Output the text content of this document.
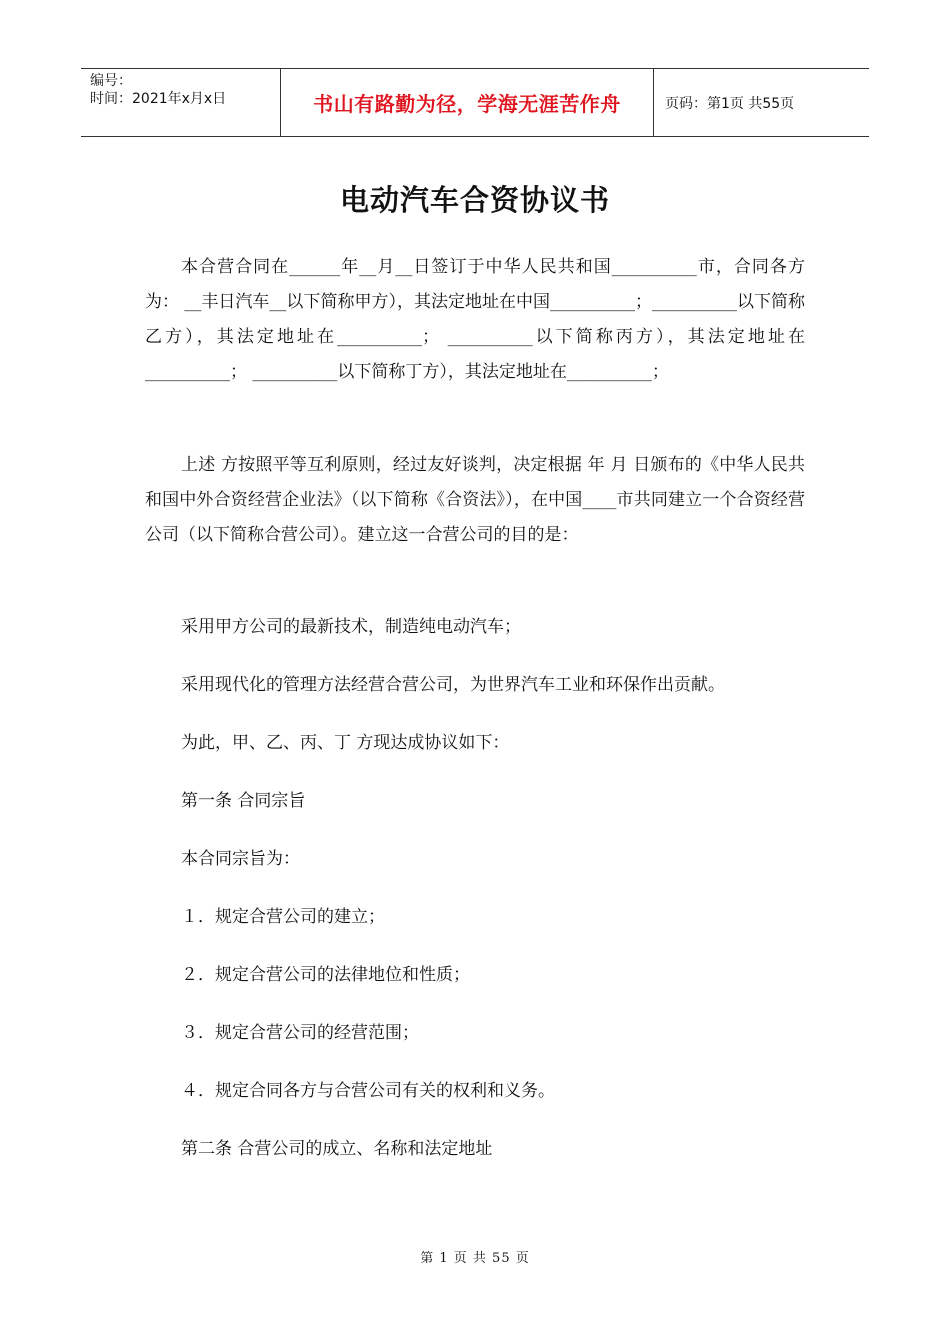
编号：
时间：2021年x月x日	书山有路勤为径，学海无涯苦作舟	页码：第1页 共55页
电动汽车合资协议书

本合营合同在______年__月__日签订于中华人民共和国__________市，合同各方为： __丰日汽车__以下简称甲方），其法定地址在中国__________；__________以下简称乙方），其法定地址在__________； __________以下简称丙方），其法定地址在__________； __________以下简称丁方），其法定地址在__________；

上述 方按照平等互利原则，经过友好谈判，决定根据 年 月 日颁布的《中华人民共和国中外合资经营企业法》（以下简称《合资法》），在中国____市共同建立一个合资经营公司（以下简称合营公司）。建立这一合营公司的目的是：

采用甲方公司的最新技术，制造纯电动汽车；

采用现代化的管理方法经营合营公司，为世界汽车工业和环保作出贡献。

为此，甲、乙、丙、丁 方现达成协议如下：

第一条 合同宗旨

本合同宗旨为：

１．规定合营公司的建立；

２．规定合营公司的法律地位和性质；

３．规定合营公司的经营范围；

４．规定合同各方与合营公司有关的权利和义务。

第二条 合营公司的成立、名称和法定地址

第 1 页 共 55 页
